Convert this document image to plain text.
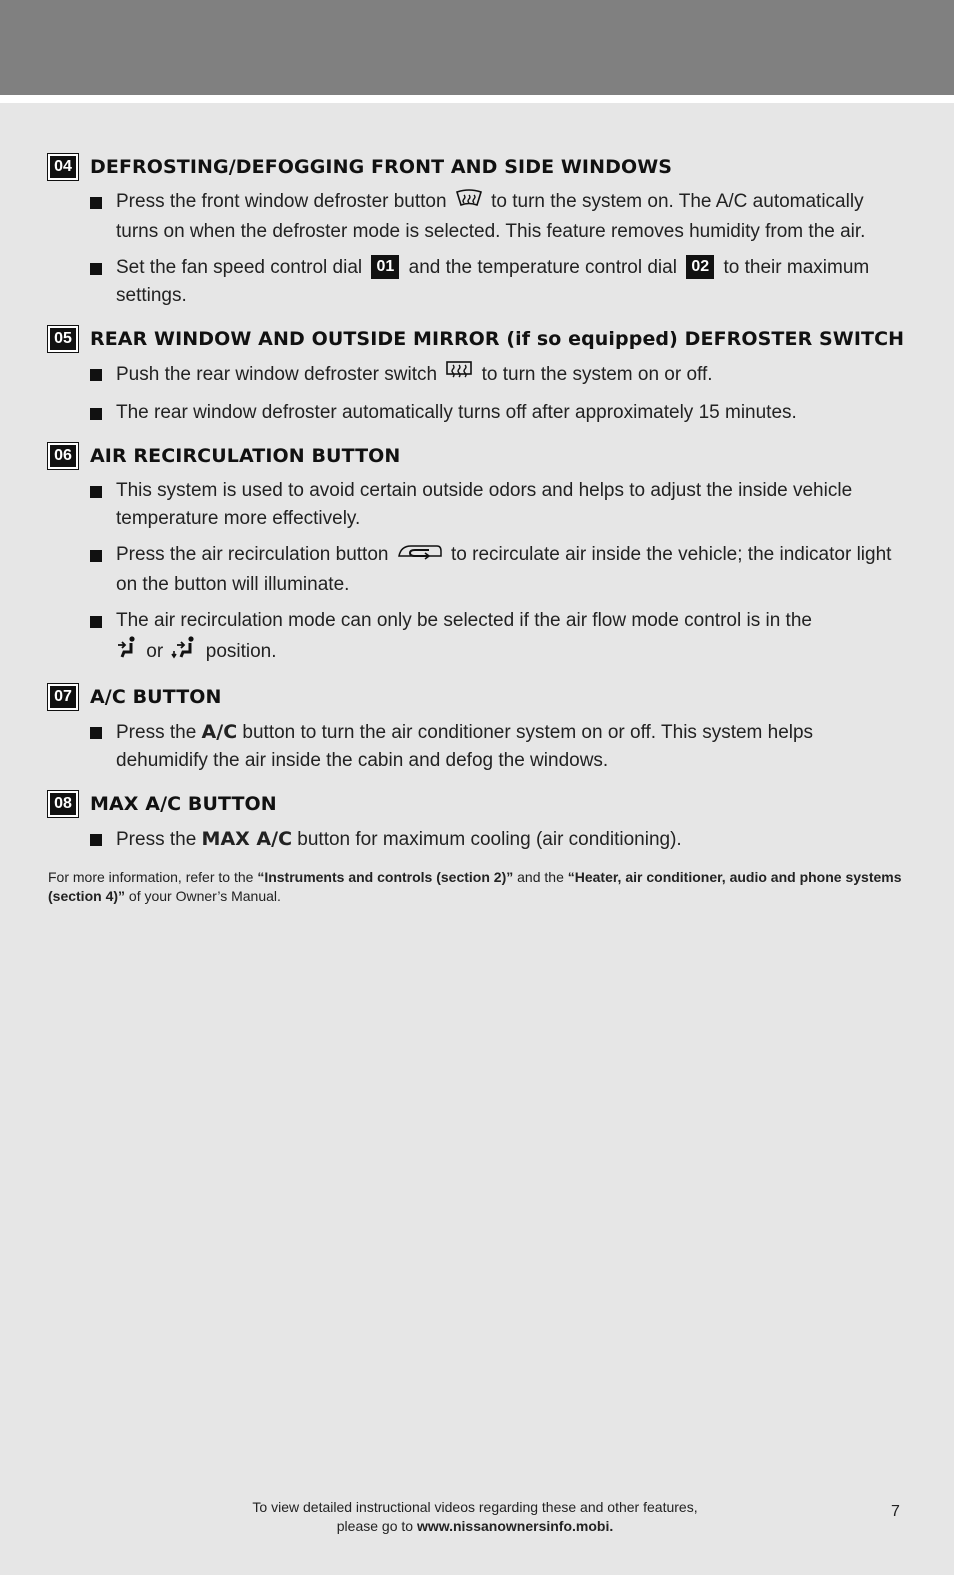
04 DEFROSTING/DEFOGGING FRONT AND SIDE WINDOWS
Press the front window defroster button to turn the system on. The A/C automatically turns on when the defroster mode is selected. This feature removes humidity from the air.
Set the fan speed control dial 01 and the temperature control dial 02 to their maximum settings.
05 REAR WINDOW AND OUTSIDE MIRROR (if so equipped) DEFROSTER SWITCH
Push the rear window defroster switch to turn the system on or off.
The rear window defroster automatically turns off after approximately 15 minutes.
06 AIR RECIRCULATION BUTTON
This system is used to avoid certain outside odors and helps to adjust the inside vehicle temperature more effectively.
Press the air recirculation button	to recirculate air inside the vehicle; the indicator light on the button will illuminate.
The air recirculation mode can only be selected if the air flow mode control is in the
or position.
07 A/C BUTTON
Press the A/C button to turn the air conditioner system on or off. This system helps dehumidify the air inside the cabin and defog the windows.
08 MAX A/C BUTTON
Press the MAX A/C button for maximum cooling (air conditioning).

For more information, refer to the “Instruments and controls (section 2)” and the “Heater, air conditioner, audio and phone systems (section 4)” of your Owner’s Manual.

To view detailed instructional videos regarding these and other features,
please go to www.nissanownersinfo.mobi.
7
